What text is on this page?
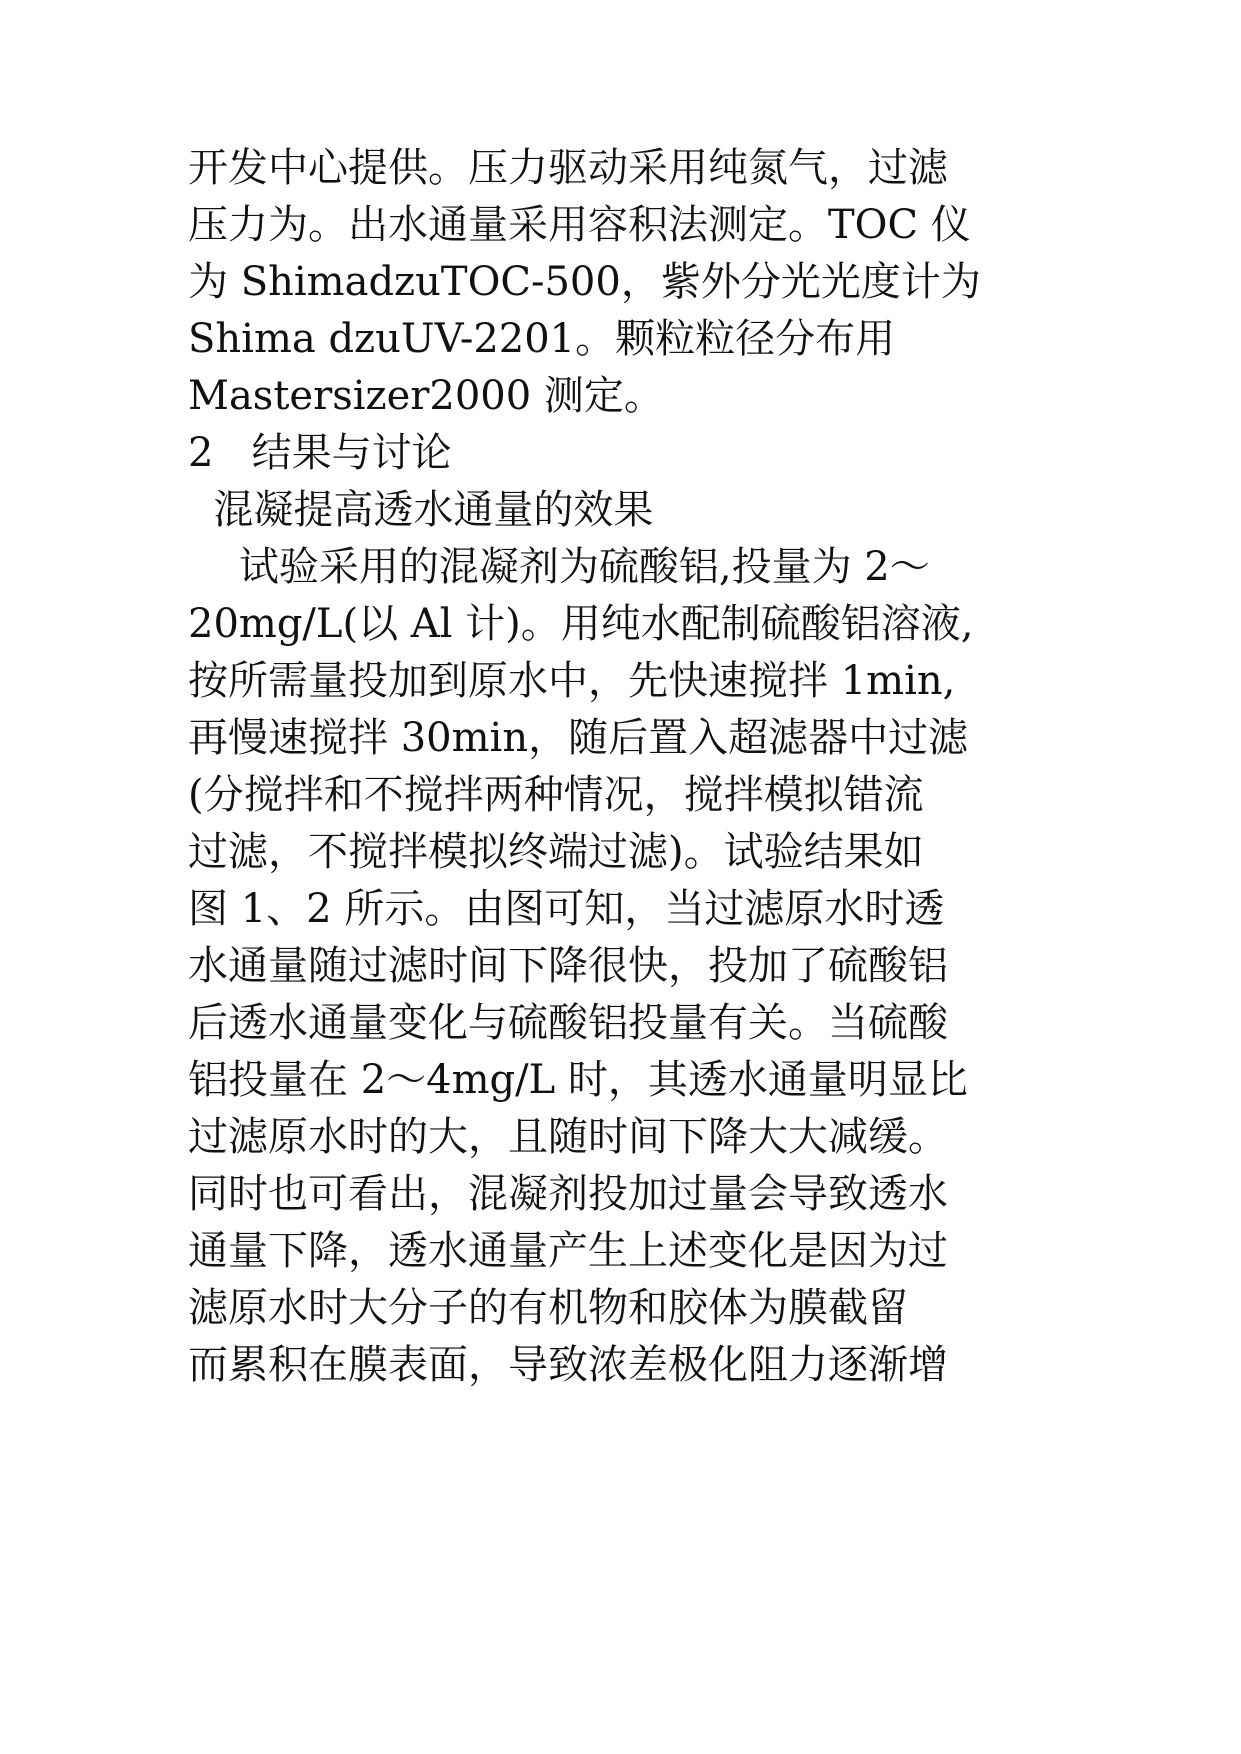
开发中心提供。压力驱动采用纯氮气，过滤

压力为。出水通量采用容积法测定。TOC 仪

为 ShimadzuTOC-500，紫外分光光度计为

Shima dzuUV-2201。颗粒粒径分布用

Mastersizer2000 测定。

2   结果与讨论

混凝提高透水通量的效果

试验采用的混凝剂为硫酸铝,投量为 2～

20mg/L(以 Al 计)。用纯水配制硫酸铝溶液,

按所需量投加到原水中，先快速搅拌 1min,

再慢速搅拌 30min，随后置入超滤器中过滤

(分搅拌和不搅拌两种情况，搅拌模拟错流

过滤，不搅拌模拟终端过滤)。试验结果如

图 1、2 所示。由图可知，当过滤原水时透

水通量随过滤时间下降很快，投加了硫酸铝

后透水通量变化与硫酸铝投量有关。当硫酸

铝投量在 2～4mg/L 时，其透水通量明显比

过滤原水时的大，且随时间下降大大减缓。

同时也可看出，混凝剂投加过量会导致透水

通量下降，透水通量产生上述变化是因为过

滤原水时大分子的有机物和胶体为膜截留

而累积在膜表面，导致浓差极化阻力逐渐增
